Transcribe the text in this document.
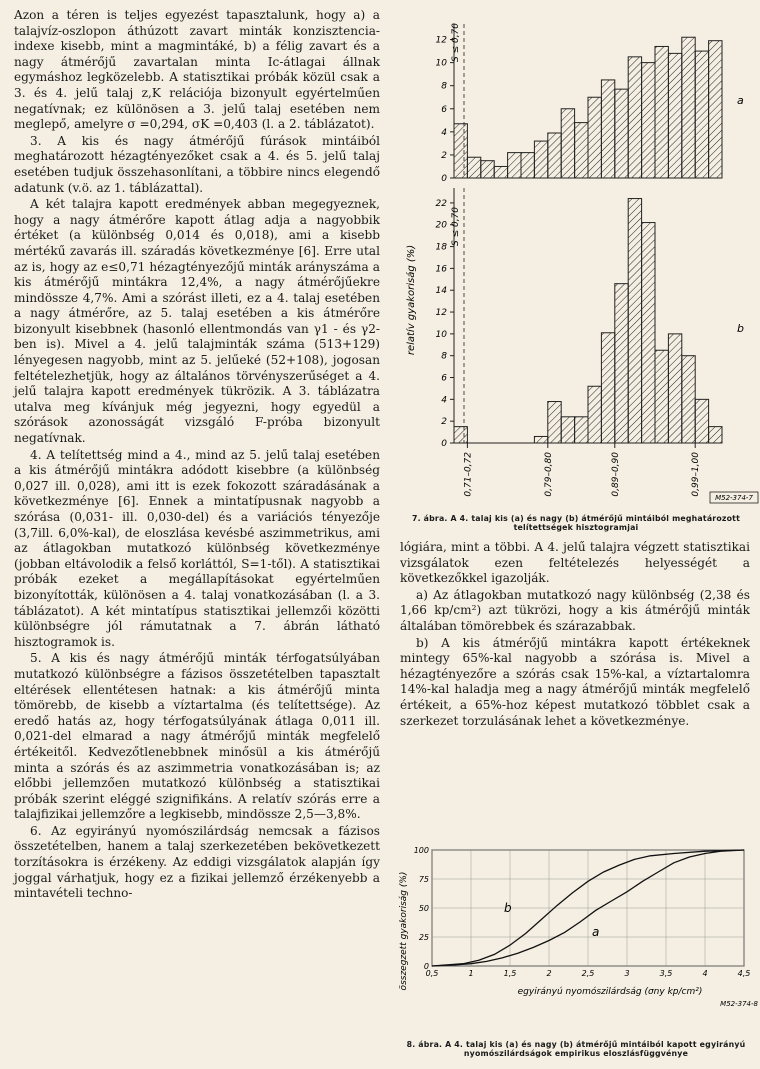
Azon a téren is teljes egyezést tapasztalunk, hogy a) a talajvíz-oszlopon áthúzott zavart minták konzisztencia-indexe kisebb, mint a magmintáké, b) a félig zavart és a nagy átmérőjű zavartalan minta Ic-átlagai állnak egymáshoz legközelebb. A statisztikai próbák közül csak a 3. és 4. jelű talaj z,K relációja bizonyult egyértelműen negatívnak; ez különösen a 3. jelű talaj esetében nem meglepő, amelyre σ =0,294, σK =0,403 (l. a 2. táblázatot).

3. A kis és nagy átmérőjű fúrások mintáiból meghatározott hézagtényezőket csak a 4. és 5. jelű talaj esetében tudjuk összehasonlítani, a többire nincs elegendő adatunk (v.ö. az 1. táblázattal).

A két talajra kapott eredmények abban megegyeznek, hogy a nagy átmérőre kapott átlag adja a nagyobbik értéket (a különbség 0,014 és 0,018), ami a kisebb mértékű zavarás ill. száradás következménye [6]. Erre utal az is, hogy az e≤0,71 hézagtényezőjű minták arányszáma a kis átmérőjű mintákra 12,4%, a nagy átmérőjűekre mindössze 4,7%. Ami a szórást illeti, ez a 4. talaj esetében a nagy átmérőre, az 5. talaj esetében a kis átmérőre bizonyult kisebbnek (hasonló ellentmondás van γ1 - és γ2-ben is). Mivel a 4. jelű talajminták száma (513+129) lényegesen nagyobb, mint az 5. jelűeké (52+108), jogosan feltételezhetjük, hogy az általános törvényszerűséget a 4. jelű talajra kapott eredmények tükrözik. A 3. táblázatra utalva meg kívánjuk még jegyezni, hogy egyedül a szórások azonosságát vizsgáló F-próba bizonyult negatívnak.

4. A telítettség mind a 4., mind az 5. jelű talaj esetében a kis átmérőjű mintákra adódott kisebbre (a különbség 0,027 ill. 0,028), ami itt is ezek fokozott száradásának a következménye [6]. Ennek a mintatípusnak nagyobb a szórása (0,031- ill. 0,030-del) és a variációs tényezője (3,7ill. 6,0%-kal), de eloszlása kevésbé aszimmetrikus, ami az átlagokban mutatkozó különbség következménye (jobban eltávolodik a felső korláttól, S=1-től). A statisztikai próbák ezeket a megállapításokat egyértelműen bizonyították, különösen a 4. talaj vonatkozásában (l. a 3. táblázatot). A két mintatípus statisztikai jellemzői közötti különbségre jól rámutatnak a 7. ábrán látható hisztogramok is.

5. A kis és nagy átmérőjű minták térfogatsúlyában mutatkozó különbségre a fázisos összetételben tapasztalt eltérések ellentétesen hatnak: a kis átmérőjű minta tömörebb, de kisebb a víztartalma (és telítettsége). Az eredő hatás az, hogy térfogatsúlyának átlaga 0,011 ill. 0,021-del elmarad a nagy átmérőjű minták megfelelő értékeitől. Kedvezőtlenebbnek minősül a kis átmérőjű minta a szórás és az aszimmetria vonatkozásában is; az előbbi jellemzően mutatkozó különbség a statisztikai próbák szerint eléggé szignifikáns. A relatív szórás erre a talajfizikai jellemzőre a legkisebb, mindössze 2,5—3,8%.

6. Az egyirányú nyomószilárdság nemcsak a fázisos összetételben, hanem a talaj szerkezetében bekövetkezett torzításokra is érzékeny. Az eddigi vizsgálatok alapján így joggal várhatjuk, hogy ez a fizikai jellemző érzékenyebb a mintavételi techno-

0
2
4
6
8
10
12
0
2
4
6
8
10
12
14
16
18
20
22
0,71–0,72	0,79–0,80	0,89–0,90	0,99–1,00
relatív gyakoriság (%)
a
b
S ≤ 0,70
S ≤ 0,70
M52-374-7
7. ábra. A 4. talaj kis (a) és nagy (b) átmérőjű mintáiból meghatározott telítettségek hisztogramjai

lógiára, mint a többi. A 4. jelű talajra végzett statisztikai vizsgálatok ezen feltételezés helyességét a következőkkel igazolják.

a) Az átlagokban mutatkozó nagy különbség (2,38 és 1,66 kp/cm²) azt tükrözi, hogy a kis átmérőjű minták általában tömörebbek és szárazabbak.

b) A kis átmérőjű mintákra kapott értékeknek mintegy 65%-kal nagyobb a szórása is. Mivel a hézagtényezőre a szórás csak 15%-kal, a víztartalomra 14%-kal haladja meg a nagy átmérőjű minták megfelelő értékeit, a 65%-hoz képest mutatkozó többlet csak a szerkezet torzulásának lehet a következménye.

0
25
50
75
100
0,5	1	1,5	2	2,5	3	3,5	4	4,5
összegzett gyakoriság (%)
egyirányú nyomószilárdság (σny kp/cm²)
a
b
M52-374-8
8. ábra. A 4. talaj kis (a) és nagy (b) átmérőjű mintáiból kapott egyirányú nyomószilárdságok empirikus eloszlásfüggvénye
